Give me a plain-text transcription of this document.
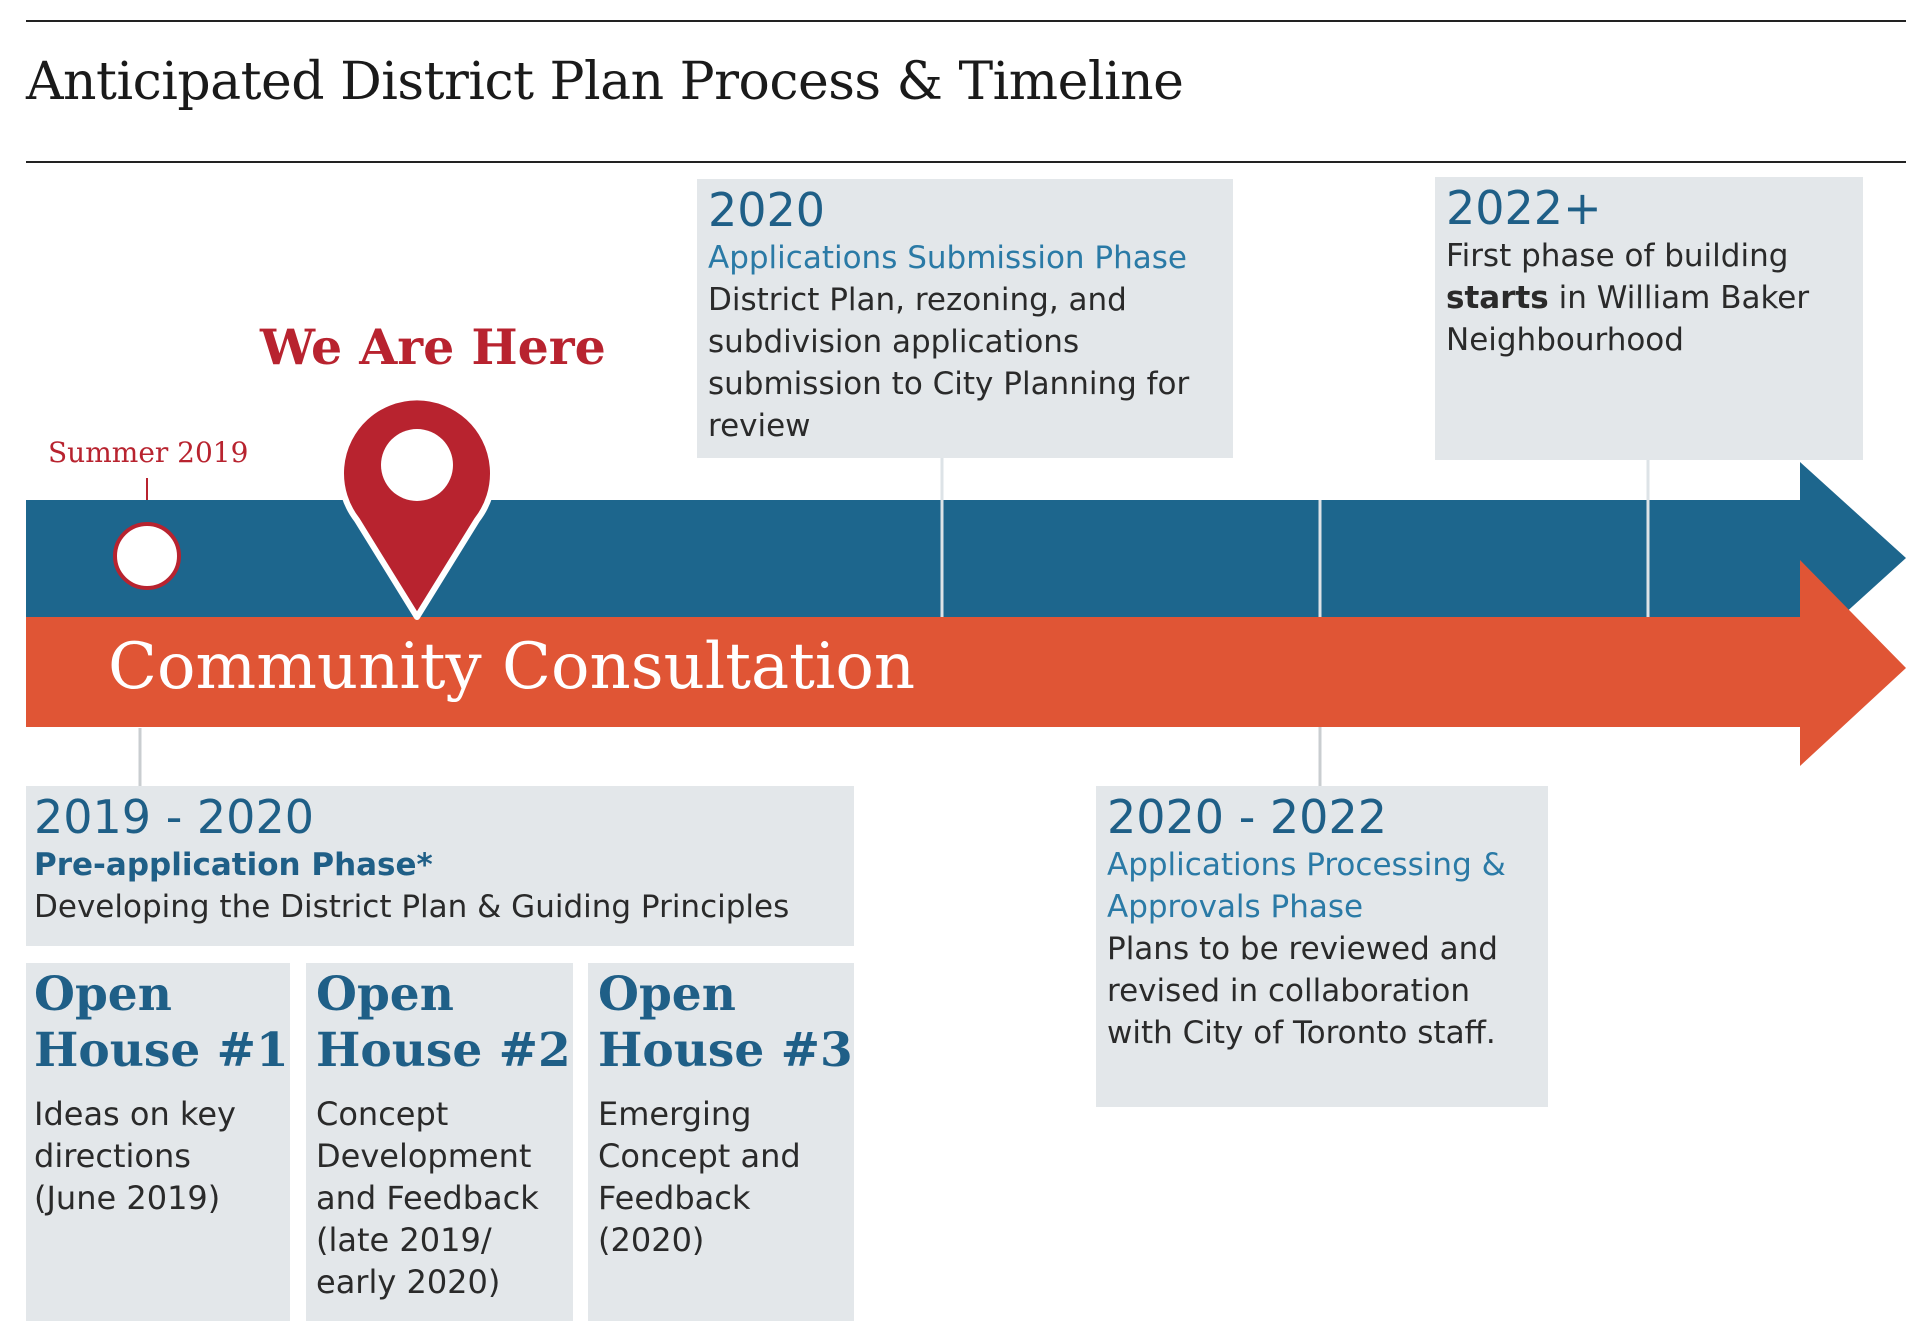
Anticipated District Plan Process & Timeline
We Are Here
Summer 2019
Community Consultation
2020
Applications Submission Phase
District Plan, rezoning, and subdivision applications submission to City Planning for review
2022+
First phase of building starts in William Baker Neighbourhood
2019 - 2020
Pre-application Phase*
Developing the District Plan & Guiding Principles
Open
House #1
Ideas on key directions (June 2019)
Open
House #2
Concept Development and Feedback (late 2019/ early 2020)
Open
House #3
Emerging Concept and Feedback (2020)
2020 - 2022
Applications Processing & Approvals Phase
Plans to be reviewed and revised in collaboration with City of Toronto staff.
